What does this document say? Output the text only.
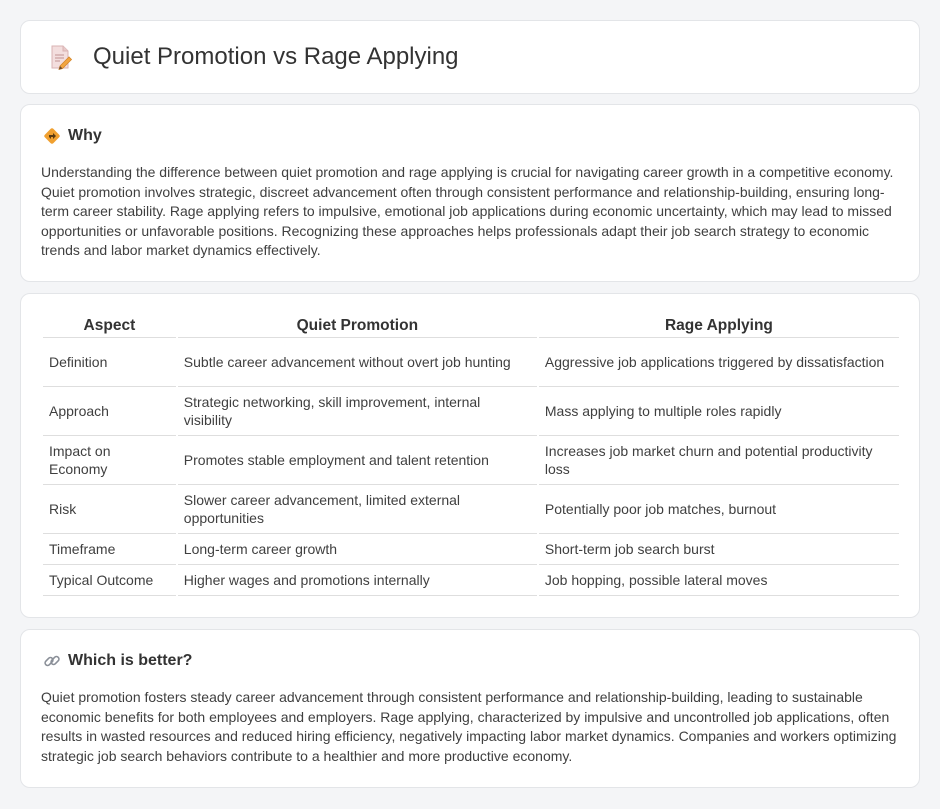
Quiet Promotion vs Rage Applying
Why

Understanding the difference between quiet promotion and rage applying is crucial for navigating career growth in a competitive economy. Quiet promotion involves strategic, discreet advancement often through consistent performance and relationship-building, ensuring long-term career stability. Rage applying refers to impulsive, emotional job applications during economic uncertainty, which may lead to missed opportunities or unfavorable positions. Recognizing these approaches helps professionals adapt their job search strategy to economic trends and labor market dynamics effectively.

Aspect	Quiet Promotion	Rage Applying
Definition	Subtle career advancement without overt job hunting	Aggressive job applications triggered by dissatisfaction
Approach	Strategic networking, skill improvement, internal visibility	Mass applying to multiple roles rapidly
Impact on Economy	Promotes stable employment and talent retention	Increases job market churn and potential productivity loss
Risk	Slower career advancement, limited external opportunities	Potentially poor job matches, burnout
Timeframe	Long-term career growth	Short-term job search burst
Typical Outcome	Higher wages and promotions internally	Job hopping, possible lateral moves
Which is better?

Quiet promotion fosters steady career advancement through consistent performance and relationship-building, leading to sustainable economic benefits for both employees and employers. Rage applying, characterized by impulsive and uncontrolled job applications, often results in wasted resources and reduced hiring efficiency, negatively impacting labor market dynamics. Companies and workers optimizing strategic job search behaviors contribute to a healthier and more productive economy.
